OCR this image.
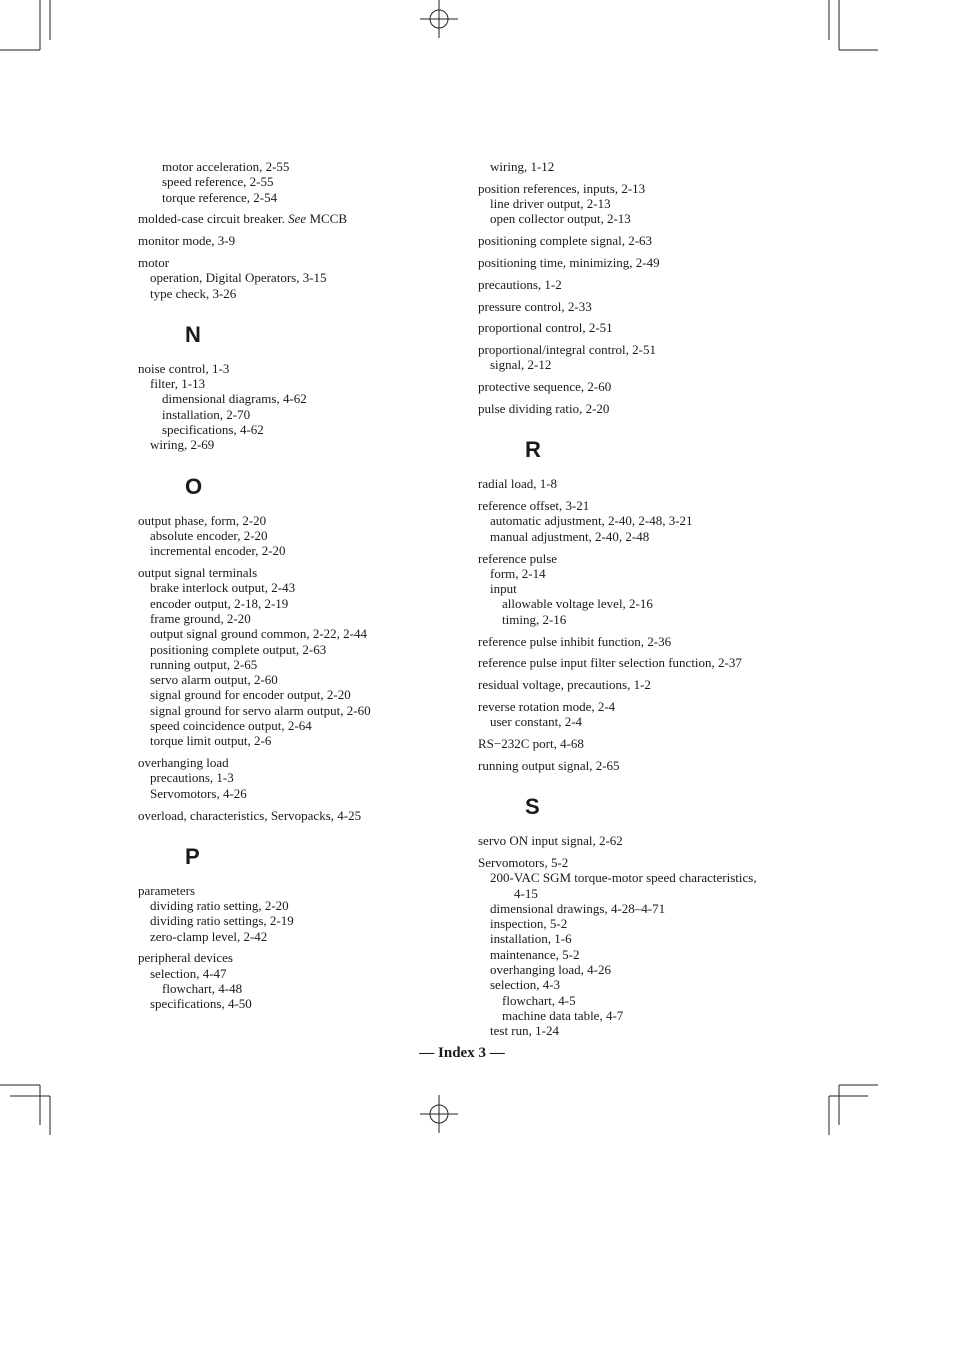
motor acceleration, 2-55
speed reference, 2-55
torque reference, 2-54
molded-case circuit breaker. See MCCB
monitor mode, 3-9
motor
operation, Digital Operators, 3-15
type check, 3-26
N
noise control, 1-3
filter, 1-13
dimensional diagrams, 4-62
installation, 2-70
specifications, 4-62
wiring, 2-69
O
output phase, form, 2-20
absolute encoder, 2-20
incremental encoder, 2-20
output signal terminals
brake interlock output, 2-43
encoder output, 2-18, 2-19
frame ground, 2-20
output signal ground common, 2-22, 2-44
positioning complete output, 2-63
running output, 2-65
servo alarm output, 2-60
signal ground for encoder output, 2-20
signal ground for servo alarm output, 2-60
speed coincidence output, 2-64
torque limit output, 2-6
overhanging load
precautions, 1-3
Servomotors, 4-26
overload, characteristics, Servopacks, 4-25
P
parameters
dividing ratio setting, 2-20
dividing ratio settings, 2-19
zero-clamp level, 2-42
peripheral devices
selection, 4-47
flowchart, 4-48
specifications, 4-50
wiring, 1-12
position references, inputs, 2-13
line driver output, 2-13
open collector output, 2-13
positioning complete signal, 2-63
positioning time, minimizing, 2-49
precautions, 1-2
pressure control, 2-33
proportional control, 2-51
proportional/integral control, 2-51
signal, 2-12
protective sequence, 2-60
pulse dividing ratio, 2-20
R
radial load, 1-8
reference offset, 3-21
automatic adjustment, 2-40, 2-48, 3-21
manual adjustment, 2-40, 2-48
reference pulse
form, 2-14
input
allowable voltage level, 2-16
timing, 2-16
reference pulse inhibit function, 2-36
reference pulse input filter selection function, 2-37
residual voltage, precautions, 1-2
reverse rotation mode, 2-4
user constant, 2-4
RS−232C port, 4-68
running output signal, 2-65
S
servo ON input signal, 2-62
Servomotors, 5-2
200-VAC SGM torque-motor speed characteristics,
4-15
dimensional drawings, 4-28–4-71
inspection, 5-2
installation, 1-6
maintenance, 5-2
overhanging load, 4-26
selection, 4-3
flowchart, 4-5
machine data table, 4-7
test run, 1-24
— Index 3 —
